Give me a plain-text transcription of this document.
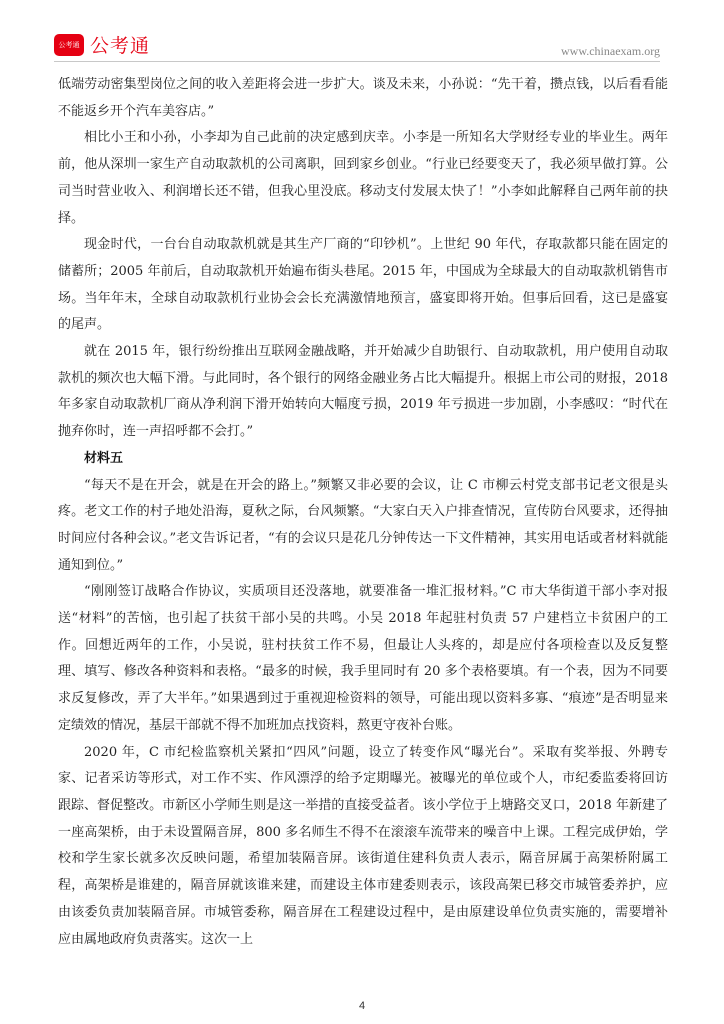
公考通 公考通	www.chinaexam.org

低端劳动密集型岗位之间的收入差距将会进一步扩大。谈及未来，小孙说：“先干着，攒点钱，以后看看能不能返乡开个汽车美容店。”

相比小王和小孙，小李却为自己此前的决定感到庆幸。小李是一所知名大学财经专业的毕业生。两年前，他从深圳一家生产自动取款机的公司离职，回到家乡创业。“行业已经要变天了，我必须早做打算。公司当时营业收入、利润增长还不错，但我心里没底。移动支付发展太快了！”小李如此解释自己两年前的抉择。

现金时代，一台台自动取款机就是其生产厂商的“印钞机”。上世纪 90 年代，存取款都只能在固定的储蓄所；2005 年前后，自动取款机开始遍布街头巷尾。2015 年，中国成为全球最大的自动取款机销售市场。当年年末，全球自动取款机行业协会会长充满激情地预言，盛宴即将开始。但事后回看，这已是盛宴的尾声。

就在 2015 年，银行纷纷推出互联网金融战略，并开始减少自助银行、自动取款机，用户使用自动取款机的频次也大幅下滑。与此同时，各个银行的网络金融业务占比大幅提升。根据上市公司的财报，2018 年多家自动取款机厂商从净利润下滑开始转向大幅度亏损，2019 年亏损进一步加剧，小李感叹：“时代在抛弃你时，连一声招呼都不会打。”

材料五

“每天不是在开会，就是在开会的路上。”频繁又非必要的会议，让 C 市柳云村党支部书记老文很是头疼。老文工作的村子地处沿海，夏秋之际，台风频繁。“大家白天入户排查情况，宣传防台风要求，还得抽时间应付各种会议。”老文告诉记者，“有的会议只是花几分钟传达一下文件精神，其实用电话或者材料就能通知到位。”

“刚刚签订战略合作协议，实质项目还没落地，就要准备一堆汇报材料。”C 市大华街道干部小李对报送“材料”的苦恼，也引起了扶贫干部小吴的共鸣。小吴 2018 年起驻村负责 57 户建档立卡贫困户的工作。回想近两年的工作，小吴说，驻村扶贫工作不易，但最让人头疼的，却是应付各项检查以及反复整理、填写、修改各种资料和表格。“最多的时候，我手里同时有 20 多个表格要填。有一个表，因为不同要求反复修改，弄了大半年。”如果遇到过于重视迎检资料的领导，可能出现以资料多寡、“痕迹”是否明显来定绩效的情况，基层干部就不得不加班加点找资料，熬更守夜补台账。

2020 年，C 市纪检监察机关紧扣“四风”问题，设立了转变作风“曝光台”。采取有奖举报、外聘专家、记者采访等形式，对工作不实、作风漂浮的给予定期曝光。被曝光的单位或个人，市纪委监委将回访跟踪、督促整改。市新区小学师生则是这一举措的直接受益者。该小学位于上塘路交叉口，2018 年新建了一座高架桥，由于未设置隔音屏，800 多名师生不得不在滚滚车流带来的噪音中上课。工程完成伊始，学校和学生家长就多次反映问题，希望加装隔音屏。该街道住建科负责人表示，隔音屏属于高架桥附属工程，高架桥是谁建的，隔音屏就该谁来建，而建设主体市建委则表示，该段高架已移交市城管委养护，应由该委负责加装隔音屏。市城管委称，隔音屏在工程建设过程中，是由原建设单位负责实施的，需要增补应由属地政府负责落实。这次一上

4
